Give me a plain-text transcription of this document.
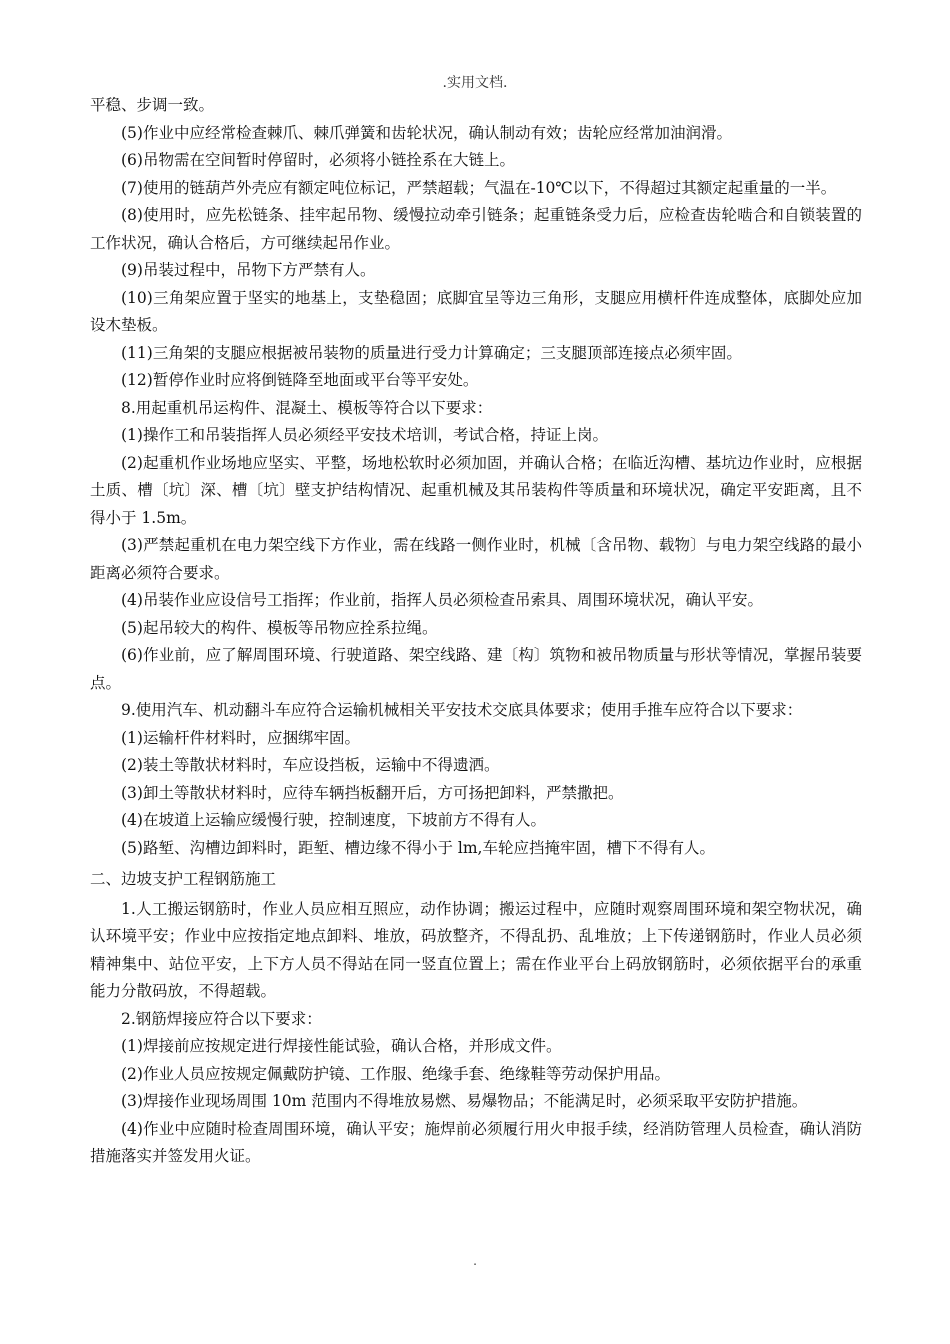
.实用文档.

平稳、步调一致。

(5)作业中应经常检查棘爪、棘爪弹簧和齿轮状况，确认制动有效；齿轮应经常加油润滑。

(6)吊物需在空间暂时停留时，必须将小链拴系在大链上。

(7)使用的链葫芦外壳应有额定吨位标记，严禁超载；气温在-10℃以下，不得超过其额定起重量的一半。

(8)使用时，应先松链条、挂牢起吊物、缓慢拉动牵引链条；起重链条受力后，应检查齿轮啮合和自锁装置的工作状况，确认合格后，方可继续起吊作业。

(9)吊装过程中，吊物下方严禁有人。

(10)三角架应置于坚实的地基上，支垫稳固；底脚宜呈等边三角形，支腿应用横杆件连成整体，底脚处应加设木垫板。

(11)三角架的支腿应根据被吊装物的质量进行受力计算确定；三支腿顶部连接点必须牢固。

(12)暂停作业时应将倒链降至地面或平台等平安处。

8.用起重机吊运构件、混凝土、模板等符合以下要求：

(1)操作工和吊装指挥人员必须经平安技术培训，考试合格，持证上岗。

(2)起重机作业场地应坚实、平整，场地松软时必须加固，并确认合格；在临近沟槽、基坑边作业时，应根据土质、槽〔坑〕深、槽〔坑〕壁支护结构情况、起重机械及其吊装构件等质量和环境状况，确定平安距离，且不得小于 1.5m。

(3)严禁起重机在电力架空线下方作业，需在线路一侧作业时，机械〔含吊物、载物〕与电力架空线路的最小距离必须符合要求。

(4)吊装作业应设信号工指挥；作业前，指挥人员必须检查吊索具、周围环境状况，确认平安。

(5)起吊较大的构件、模板等吊物应拴系拉绳。

(6)作业前，应了解周围环境、行驶道路、架空线路、建〔构〕筑物和被吊物质量与形状等情况，掌握吊装要点。

9.使用汽车、机动翻斗车应符合运输机械相关平安技术交底具体要求；使用手推车应符合以下要求：

(1)运输杆件材料时，应捆绑牢固。

(2)装土等散状材料时，车应设挡板，运输中不得遗洒。

(3)卸土等散状材料时，应待车辆挡板翻开后，方可扬把卸料，严禁撒把。

(4)在坡道上运输应缓慢行驶，控制速度，下坡前方不得有人。

(5)路堑、沟槽边卸料时，距堑、槽边缘不得小于 lm,车轮应挡掩牢固，槽下不得有人。

二、边坡支护工程钢筋施工

1.人工搬运钢筋时，作业人员应相互照应，动作协调；搬运过程中，应随时观察周围环境和架空物状况，确认环境平安；作业中应按指定地点卸料、堆放，码放整齐，不得乱扔、乱堆放；上下传递钢筋时，作业人员必须精神集中、站位平安，上下方人员不得站在同一竖直位置上；需在作业平台上码放钢筋时，必须依据平台的承重能力分散码放，不得超载。

2.钢筋焊接应符合以下要求：

(1)焊接前应按规定进行焊接性能试验，确认合格，并形成文件。

(2)作业人员应按规定佩戴防护镜、工作服、绝缘手套、绝缘鞋等劳动保护用品。

(3)焊接作业现场周围 10m 范围内不得堆放易燃、易爆物品；不能满足时，必须采取平安防护措施。

(4)作业中应随时检查周围环境，确认平安；施焊前必须履行用火申报手续，经消防管理人员检查，确认消防措施落实并签发用火证。

.
